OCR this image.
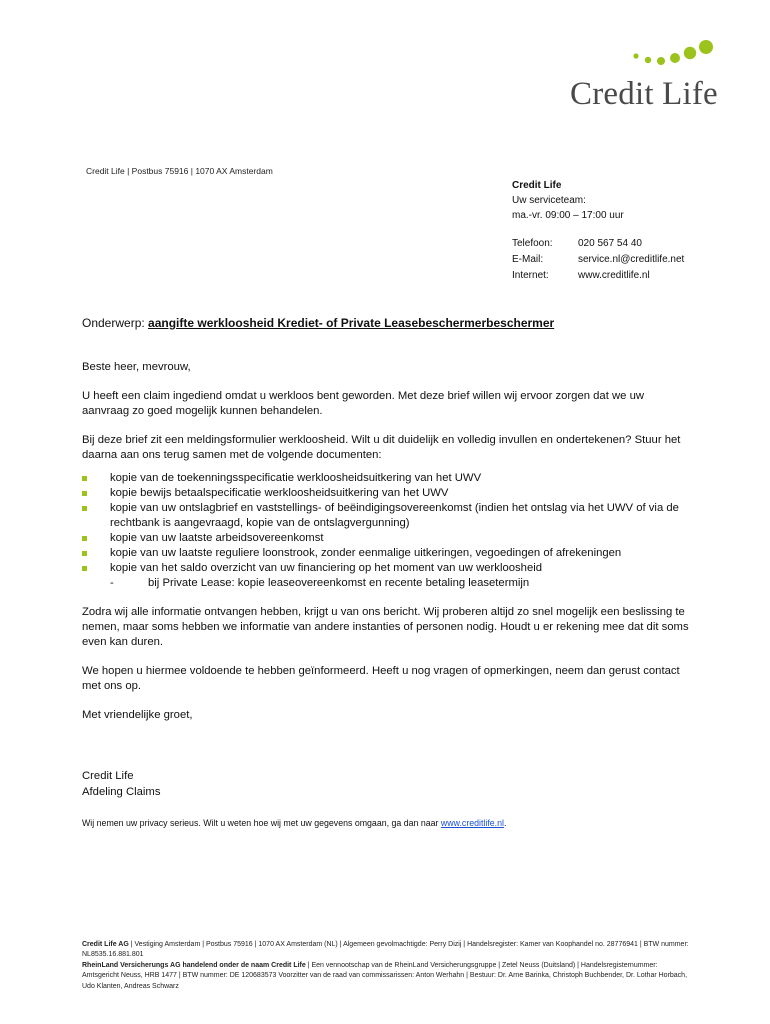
Credit Life
Credit Life | Postbus 75916 | 1070 AX Amsterdam
Credit Life
Uw serviceteam:
ma.-vr. 09:00 – 17:00 uur
Telefoon:	020 567 54 40
E-Mail:	service.nl@creditlife.net
Internet:	www.creditlife.nl
Onderwerp: aangifte werkloosheid Krediet- of Private Leasebeschermerbeschermer

Beste heer, mevrouw,

U heeft een claim ingediend omdat u werkloos bent geworden. Met deze brief willen wij ervoor zorgen dat we uw aanvraag zo goed mogelijk kunnen behandelen.

Bij deze brief zit een meldingsformulier werkloosheid. Wilt u dit duidelijk en volledig invullen en ondertekenen? Stuur het daarna aan ons terug samen met de volgende documenten:

kopie van de toekenningsspecificatie werkloosheidsuitkering van het UWV
kopie bewijs betaalspecificatie werkloosheidsuitkering van het UWV
kopie van uw ontslagbrief en vaststellings- of beëindigingsovereenkomst (indien het ontslag via het UWV of via de rechtbank is aangevraagd, kopie van de ontslagvergunning)
kopie van uw laatste arbeidsovereenkomst
kopie van uw laatste reguliere loonstrook, zonder eenmalige uitkeringen, vegoedingen of afrekeningen
kopie van het saldo overzicht van uw financiering op het moment van uw werkloosheid
-	bij Private Lease: kopie leaseovereenkomst en recente betaling leasetermijn

Zodra wij alle informatie ontvangen hebben, krijgt u van ons bericht. Wij proberen altijd zo snel mogelijk een beslissing te nemen, maar soms hebben we informatie van andere instanties of personen nodig. Houdt u er rekening mee dat dit soms even kan duren.

We hopen u hiermee voldoende te hebben geïnformeerd. Heeft u nog vragen of opmerkingen, neem dan gerust contact met ons op.

Met vriendelijke groet,

Credit Life
Afdeling Claims
Wij nemen uw privacy serieus. Wilt u weten hoe wij met uw gegevens omgaan, ga dan naar www.creditlife.nl.
Credit Life AG | Vestiging Amsterdam | Postbus 75916 | 1070 AX Amsterdam (NL) | Algemeen gevolmachtigde: Perry Dizij | Handelsregister: Kamer van Koophandel no. 28776941 | BTW nummer: NL8535.16.881.801
RheinLand Versicherungs AG handelend onder de naam Credit Life | Een vennootschap van de RheinLand Versicherungsgruppe | Zetel Neuss (Duitsland) | Handelsregisternummer: Amtsgericht Neuss, HRB 1477 | BTW nummer: DE 120683573 Voorzitter van de raad van commissarissen: Anton Werhahn | Bestuur: Dr. Arne Barinka, Christoph Buchbender, Dr. Lothar Horbach, Udo Klanten, Andreas Schwarz
